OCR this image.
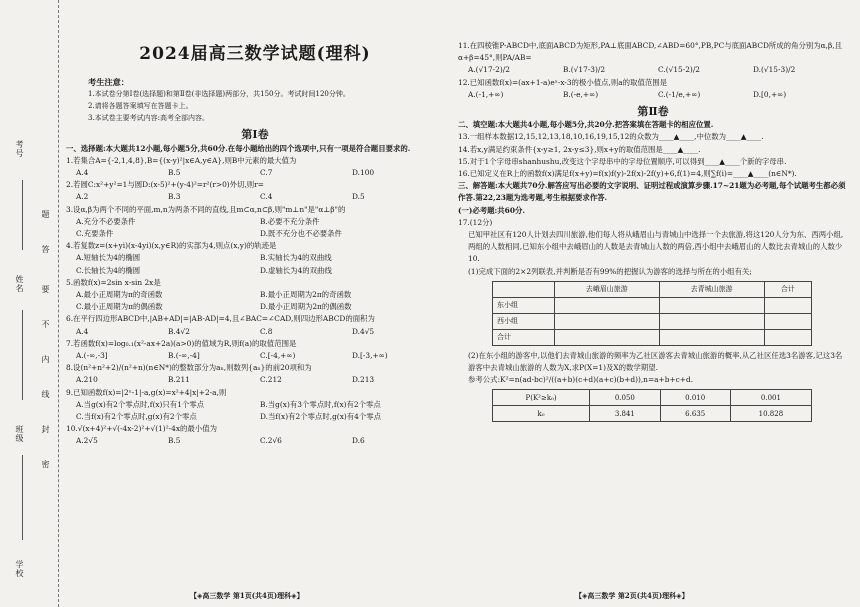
考号
姓名
班级
学校
题
答
要
不
内
线
封
密
2024届高三数学试题(理科)
考生注意：
1.本试卷分第Ⅰ卷(选择题)和第Ⅱ卷(非选择题)两部分，共150分。考试时间120分钟。
2.请将各题答案填写在答题卡上。
3.本试卷主要考试内容:高考全部内容。
第Ⅰ卷
一、选择题:本大题共12小题,每小题5分,共60分.在每小题给出的四个选项中,只有一项是符合题目要求的.
1.若集合A={-2,1,4,8},B={(x-y)²|x∈A,y∈A},则B中元素的最大值为
A.4	B.5	C.7	D.100
2.若圆C:x²+y²=1与圆D:(x-5)²+(y-4)²=r²(r>0)外切,则r=
A.2	B.3	C.4	D.5
3.设α,β为两个不同的平面,m,n为两条不同的直线,且m⊂α,n⊂β,则"m⊥n"是"α⊥β"的
A.充分不必要条件	B.必要不充分条件
C.充要条件	D.既不充分也不必要条件
4.若复数z=(x+yi)(x-4yi)(x,y∈R)的实部为4,则点(x,y)的轨迹是
A.短轴长为4的椭圆	B.实轴长为4的双曲线
C.长轴长为4的椭圆	D.虚轴长为4的双曲线
5.函数f(x)=2sin x-sin 2x是
A.最小正周期为π的奇函数	B.最小正周期为2π的奇函数
C.最小正周期为π的偶函数	D.最小正周期为2π的偶函数
6.在平行四边形ABCD中,|AB+AD|=|AB-AD|=4,且∠BAC=∠CAD,则四边形ABCD的面积为
A.4	B.4√2	C.8	D.4√5
7.若函数f(x)=log₀.₁(x²-ax+2a)(a>0)的值域为R,则f(a)的取值范围是
A.(-∞,-3]	B.(-∞,-4]	C.[-4,+∞)	D.[-3,+∞)
8.设(n²+n²+2)/(n²+n)(n∈N*)的整数部分为aₙ,则数列{aₙ}的前20项和为
A.210	B.211	C.212	D.213
9.已知函数f(x)=|2ˣ-1|-a,g(x)=x²+4|x|+2-a,则
A.当g(x)有2个零点时,f(x)只有1个零点	B.当g(x)有3个零点时,f(x)有2个零点
C.当f(x)有2个零点时,g(x)有2个零点	D.当f(x)有2个零点时,g(x)有4个零点
10.√(x+4)²+√(-4x-2)²+√(1)²-4x的最小值为
A.2√5	B.5	C.2√6	D.6
【◈高三数学 第1页(共4页)理科◈】
11.在四棱锥P-ABCD中,底面ABCD为矩形,PA⊥底面ABCD,∠ABD=60°,PB,PC与底面ABCD所成的角分别为α,β,且α+β=45°,则PA/AB=
A.(√17-2)/2	B.(√17-3)/2	C.(√15-2)/2	D.(√15-3)/2
12.已知函数f(x)=(ax+1-a)eˣ-x-3的极小值点,则a的取值范围是
A.(-1,+∞)	B.(-e,+∞)	C.(-1/e,+∞)	D.[0,+∞)
第Ⅱ卷
二、填空题:本大题共4小题,每小题5分,共20分.把答案填在答题卡的相应位置.
13.一组样本数据12,15,12,13,18,10,16,19,15,12的众数为____▲____,中位数为____▲____.
14.若x,y满足约束条件{x-y≥1, 2x-y≤3},则x+y的取值范围是____▲____.
15.对于1个字母串shanhushu,改变这个字母串中的字母位置顺序,可以得到____▲____个新的字母串.
16.已知定义在R上的函数f(x)满足f(x+y)=f(x)f(y)-2f(x)-2f(y)+6,f(1)=4,则∑f(i)=____▲____(n∈N*).
三、解答题:本大题共70分.解答应写出必要的文字说明、证明过程或演算步骤.17~21题为必考题,每个试题考生都必须作答.第22,23题为选考题,考生根据要求作答.
(一)必考题:共60分.
17.(12分)
已知甲社区有120人计划去四川旅游,他们每人将从峨眉山与青城山中选择一个去旅游,将这120人分为东、西两小组,两组的人数相同,已知东小组中去峨眉山的人数是去青城山人数的两倍,西小组中去峨眉山的人数比去青城山的人数少10.
(1)完成下面的2×2列联表,并判断是否有99%的把握认为游客的选择与所在的小组有关;
	去峨眉山旅游	去青城山旅游	合计
东小组			
西小组			
合计			
(2)在东小组的游客中,以他们去青城山旅游的频率为乙社区游客去青城山旅游的概率,从乙社区任选3名游客,记这3名游客中去青城山旅游的人数为X,求P(X=1)及X的数学期望.
参考公式:K²=n(ad-bc)²/((a+b)(c+d)(a+c)(b+d)),n=a+b+c+d.
P(K²≥k₀)	0.050	0.010	0.001
k₀	3.841	6.635	10.828
【◈高三数学 第2页(共4页)理科◈】
